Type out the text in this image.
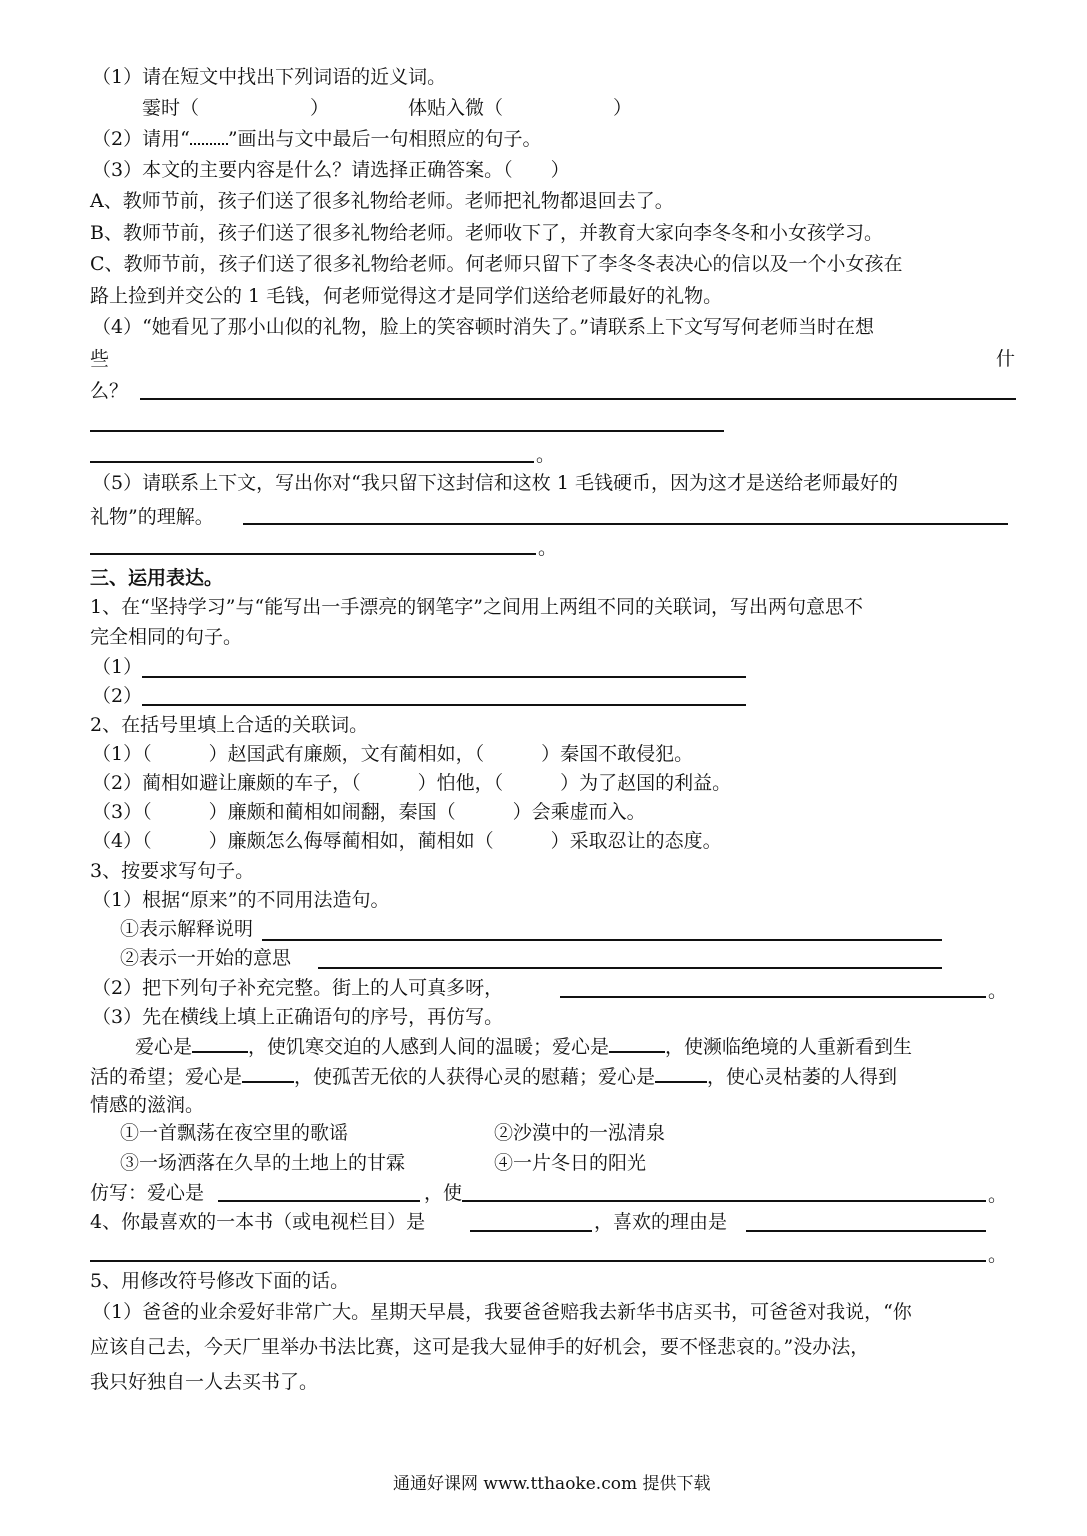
（1）请在短文中找出下列词语的近义词。
霎时（	）	体贴入微（	）
（2）请用“ ”画出与文中最后一句相照应的句子。
（3）本文的主要内容是什么？请选择正确答案。（　　）
A、教师节前，孩子们送了很多礼物给老师。老师把礼物都退回去了。
B、教师节前，孩子们送了很多礼物给老师。老师收下了，并教育大家向李冬冬和小女孩学习。
C、教师节前，孩子们送了很多礼物给老师。何老师只留下了李冬冬表决心的信以及一个小女孩在
路上捡到并交公的 1 毛钱，何老师觉得这才是同学们送给老师最好的礼物。
（4）“她看见了那小山似的礼物，脸上的笑容顿时消失了。”请联系上下文写写何老师当时在想
些	什
么？
。
（5）请联系上下文，写出你对“我只留下这封信和这枚 1 毛钱硬币，因为这才是送给老师最好的
礼物”的理解。
。
三、运用表达。
1、在“坚持学习”与“能写出一手漂亮的钢笔字”之间用上两组不同的关联词，写出两句意思不
完全相同的句子。
（1）
（2）
2、在括号里填上合适的关联词。
（1）（　　　）赵国武有廉颇，文有蔺相如，（　　　）秦国不敢侵犯。
（2）蔺相如避让廉颇的车子，（　　　）怕他，（　　　）为了赵国的利益。
（3）（　　　）廉颇和蔺相如闹翻，秦国（　　　）会乘虚而入。
（4）（　　　）廉颇怎么侮辱蔺相如，蔺相如（　　　）采取忍让的态度。
3、按要求写句子。
（1）根据“原来”的不同用法造句。
①表示解释说明
②表示一开始的意思
（2）把下列句子补充完整。街上的人可真多呀，	。
（3）先在横线上填上正确语句的序号，再仿写。
爱心是	，使饥寒交迫的人感到人间的温暖；爱心是	，使濒临绝境的人重新看到生
活的希望；爱心是	，使孤苦无依的人获得心灵的慰藉；爱心是	，使心灵枯萎的人得到
情感的滋润。
①一首飘荡在夜空里的歌谣	②沙漠中的一泓清泉
③一场洒落在久旱的土地上的甘霖	④一片冬日的阳光
仿写：爱心是	，使	。
4、你最喜欢的一本书（或电视栏目）是	，喜欢的理由是
。
5、用修改符号修改下面的话。
（1）爸爸的业余爱好非常广大。星期天早晨，我要爸爸赔我去新华书店买书，可爸爸对我说，“你
应该自己去，今天厂里举办书法比赛，这可是我大显伸手的好机会，要不怪悲哀的。”没办法，
我只好独自一人去买书了。
通通好课网 www.tthaoke.com 提供下载
